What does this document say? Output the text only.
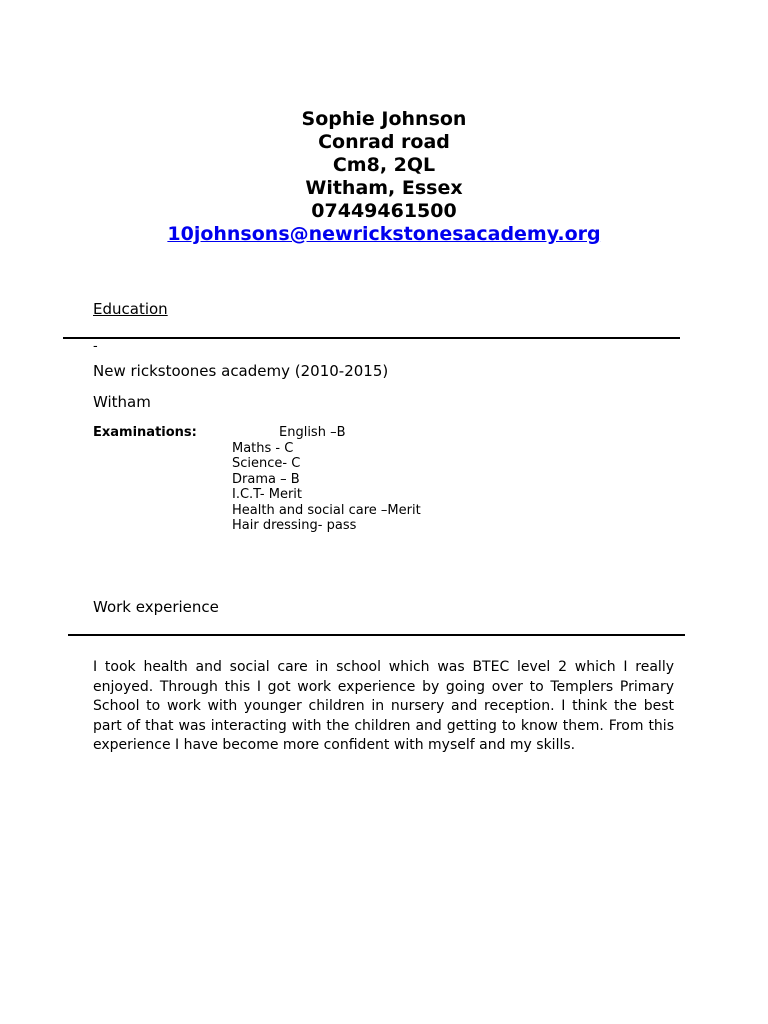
Sophie Johnson
Conrad road
Cm8, 2QL
Witham, Essex
07449461500
10johnsons@newrickstonesacademy.org
Education
-
New rickstoones academy (2010-2015)
Witham
Examinations:	English –B
Maths - C
Science- C
Drama – B
I.C.T- Merit
Health and social care –Merit
Hair dressing- pass
Work experience
I took health and social care in school which was BTEC level 2 which I really enjoyed. Through this I got work experience by going over to Templers Primary School to work with younger children in nursery and reception. I think the best part of that was interacting with the children and getting to know them. From this experience I have become more confident with myself and my skills.
